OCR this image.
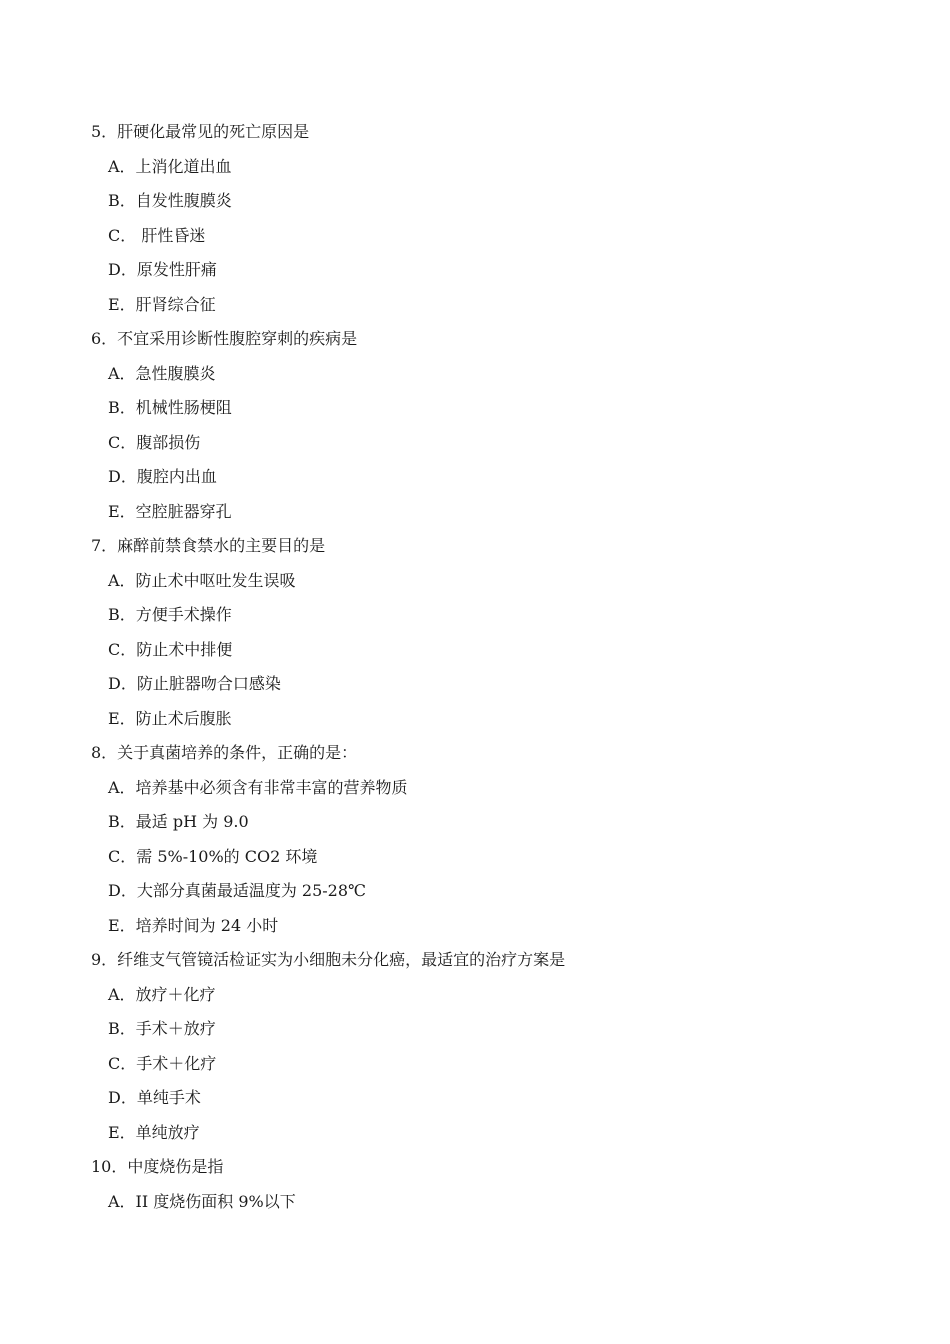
5．肝硬化最常见的死亡原因是
A．上消化道出血
B．自发性腹膜炎
C． 肝性昏迷
D．原发性肝痛
E．肝肾综合征
6．不宜采用诊断性腹腔穿刺的疾病是
A．急性腹膜炎
B．机械性肠梗阻
C．腹部损伤
D．腹腔内出血
E．空腔脏器穿孔
7．麻醉前禁食禁水的主要目的是
A．防止术中呕吐发生误吸
B．方便手术操作
C．防止术中排便
D．防止脏器吻合口感染
E．防止术后腹胀
8．关于真菌培养的条件，正确的是：
A．培养基中必须含有非常丰富的营养物质
B．最适 pH 为 9.0
C．需 5%-10%的 CO2 环境
D．大部分真菌最适温度为 25-28℃
E．培养时间为 24 小时
9．纤维支气管镜活检证实为小细胞未分化癌，最适宜的治疗方案是
A．放疗＋化疗
B．手术＋放疗
C．手术＋化疗
D．单纯手术
E．单纯放疗
10．中度烧伤是指
A．II 度烧伤面积 9%以下
